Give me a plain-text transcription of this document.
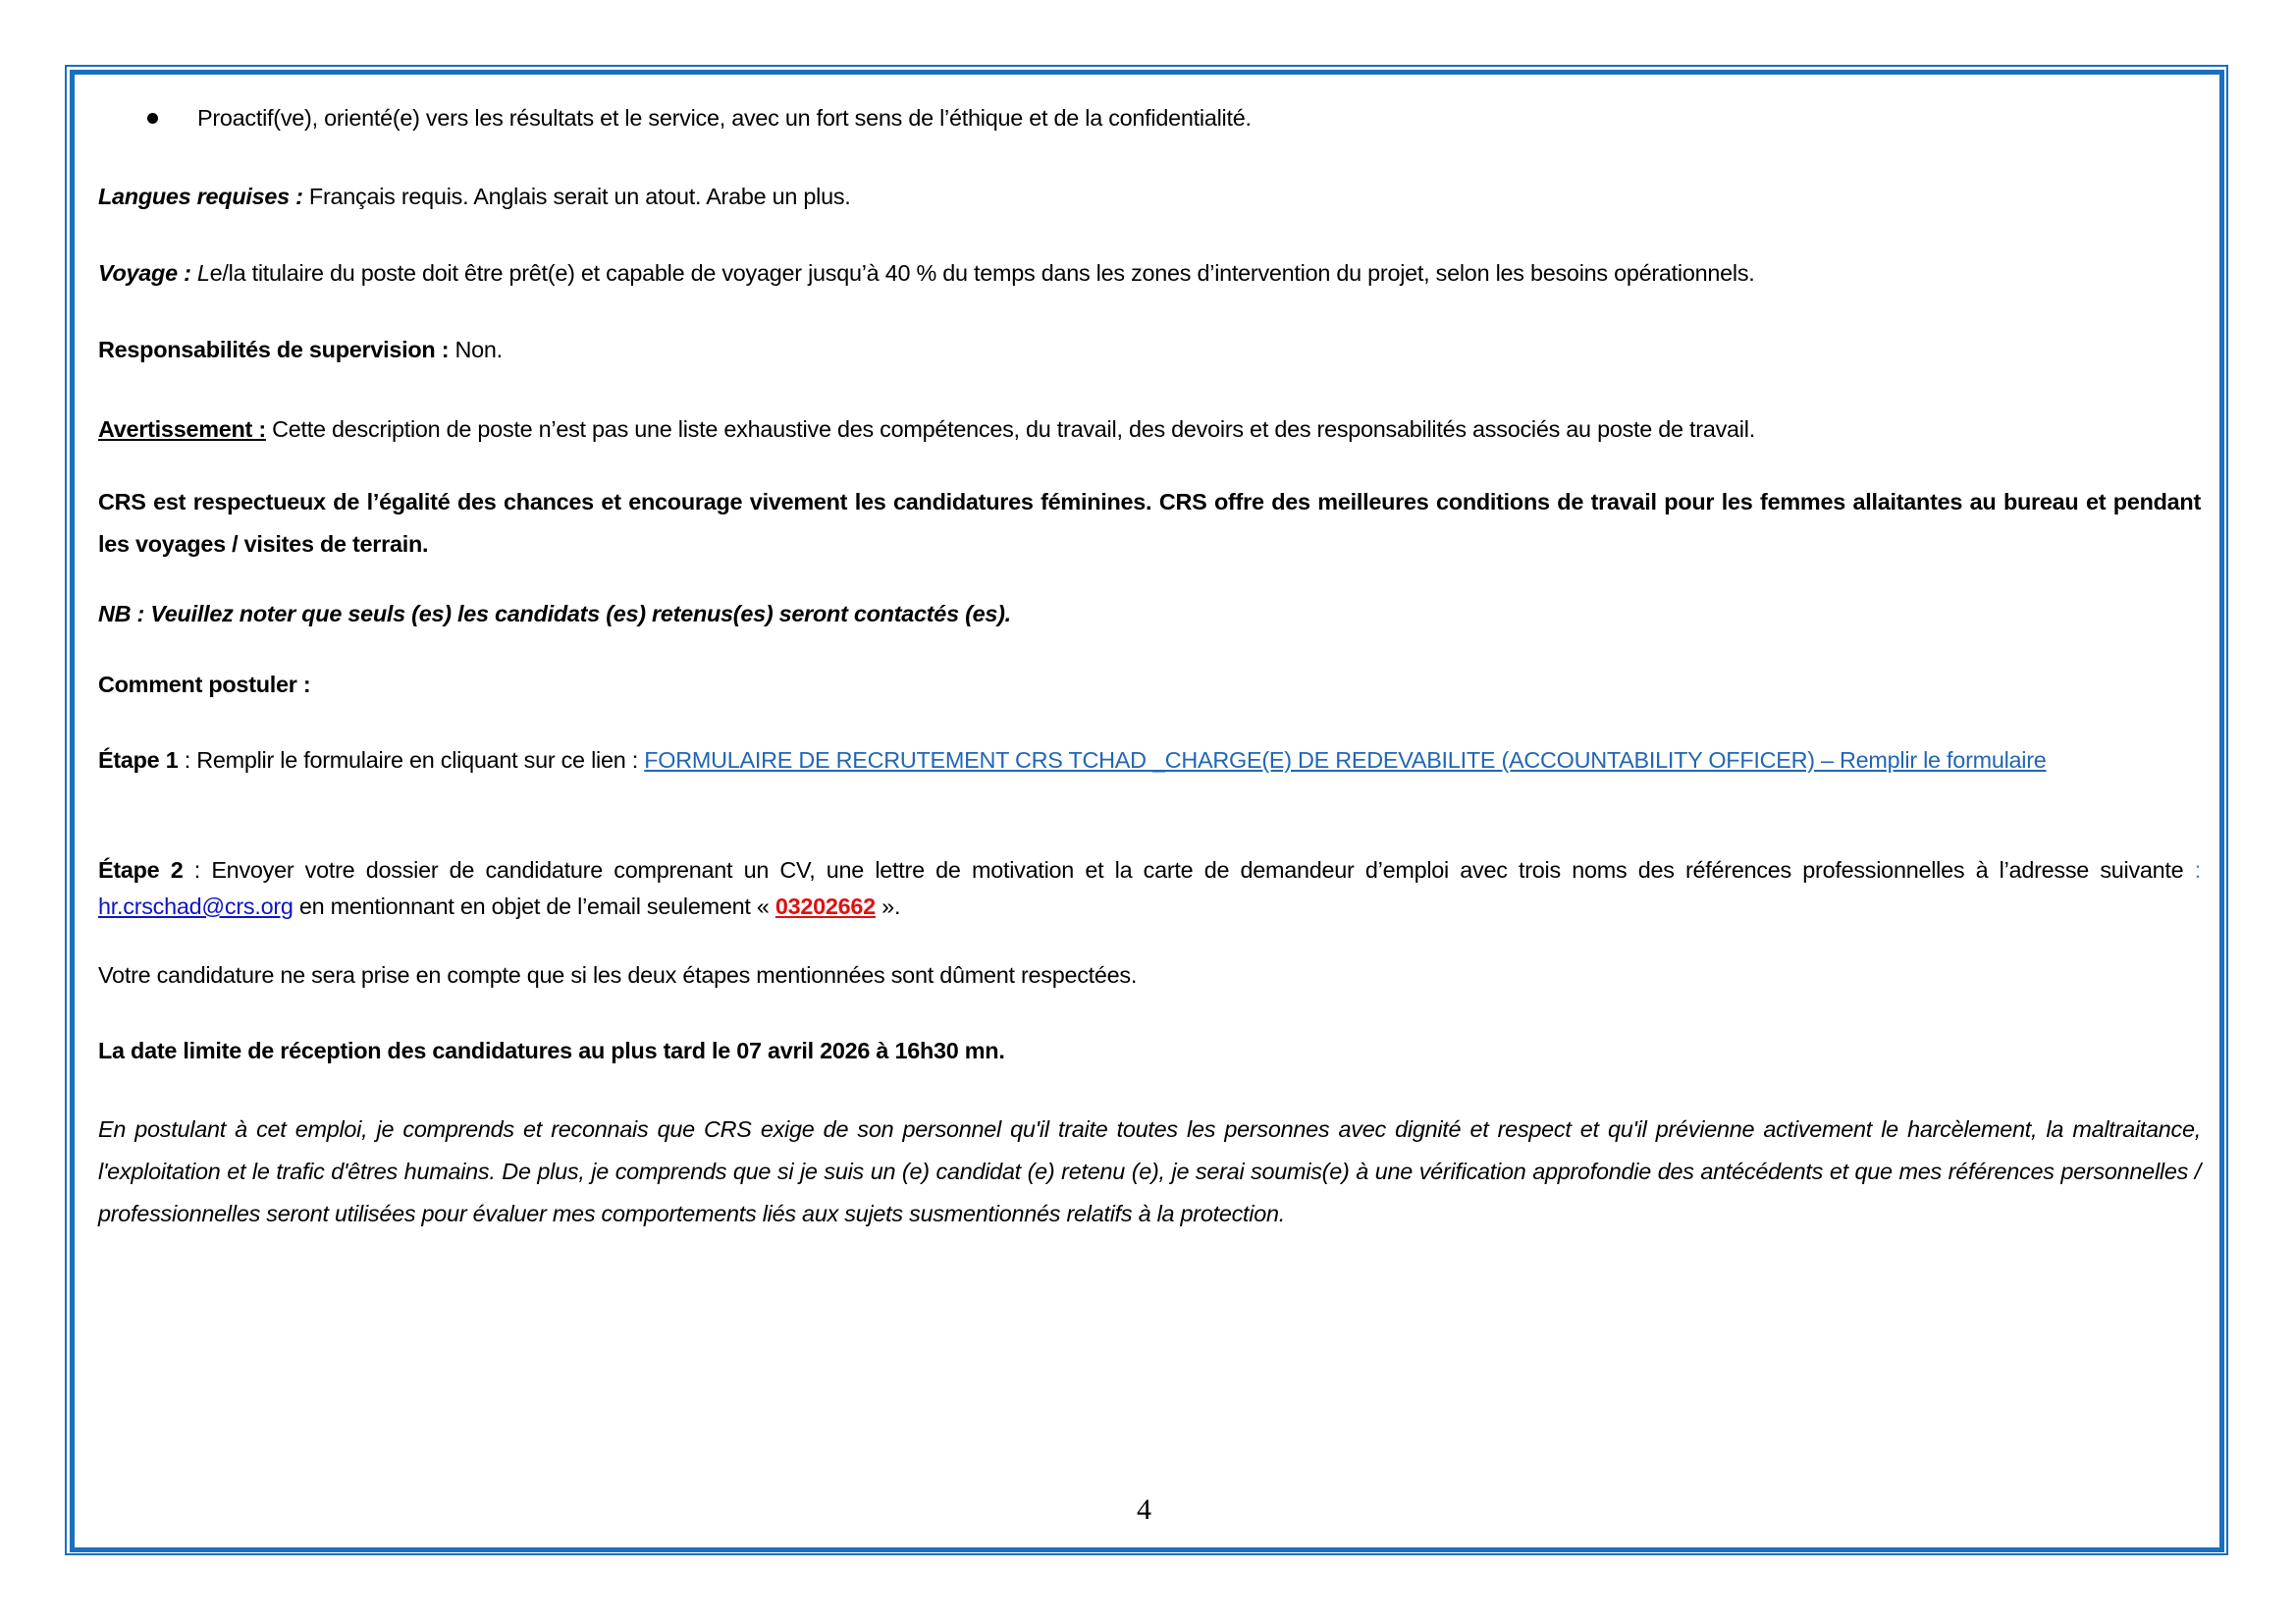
Proactif(ve), orienté(e) vers les résultats et le service, avec un fort sens de l’éthique et de la confidentialité.
Langues requises : Français requis. Anglais serait un atout. Arabe un plus.
Voyage : Le/la titulaire du poste doit être prêt(e) et capable de voyager jusqu’à 40 % du temps dans les zones d’intervention du projet, selon les besoins opérationnels.
Responsabilités de supervision : Non.
Avertissement : Cette description de poste n’est pas une liste exhaustive des compétences, du travail, des devoirs et des responsabilités associés au poste de travail.
CRS est respectueux de l’égalité des chances et encourage vivement les candidatures féminines. CRS offre des meilleures conditions de travail pour les femmes allaitantes au bureau et pendant les voyages / visites de terrain.
NB : Veuillez noter que seuls (es) les candidats (es) retenus(es) seront contactés (es).
Comment postuler :
Étape 1 : Remplir le formulaire en cliquant sur ce lien : FORMULAIRE DE RECRUTEMENT CRS TCHAD _CHARGE(E) DE REDEVABILITE (ACCOUNTABILITY OFFICER) – Remplir le formulaire
Étape 2 : Envoyer votre dossier de candidature comprenant un CV, une lettre de motivation et la carte de demandeur d’emploi avec trois noms des références professionnelles à l’adresse suivante : hr.crschad@crs.org en mentionnant en objet de l’email seulement « 03202662 ».
Votre candidature ne sera prise en compte que si les deux étapes mentionnées sont dûment respectées.
La date limite de réception des candidatures au plus tard le 07 avril 2026 à 16h30 mn.
En postulant à cet emploi, je comprends et reconnais que CRS exige de son personnel qu'il traite toutes les personnes avec dignité et respect et qu'il prévienne activement le harcèlement, la maltraitance, l'exploitation et le trafic d'êtres humains. De plus, je comprends que si je suis un (e) candidat (e) retenu (e), je serai soumis(e) à une vérification approfondie des antécédents et que mes références personnelles / professionnelles seront utilisées pour évaluer mes comportements liés aux sujets susmentionnés relatifs à la protection.
4
